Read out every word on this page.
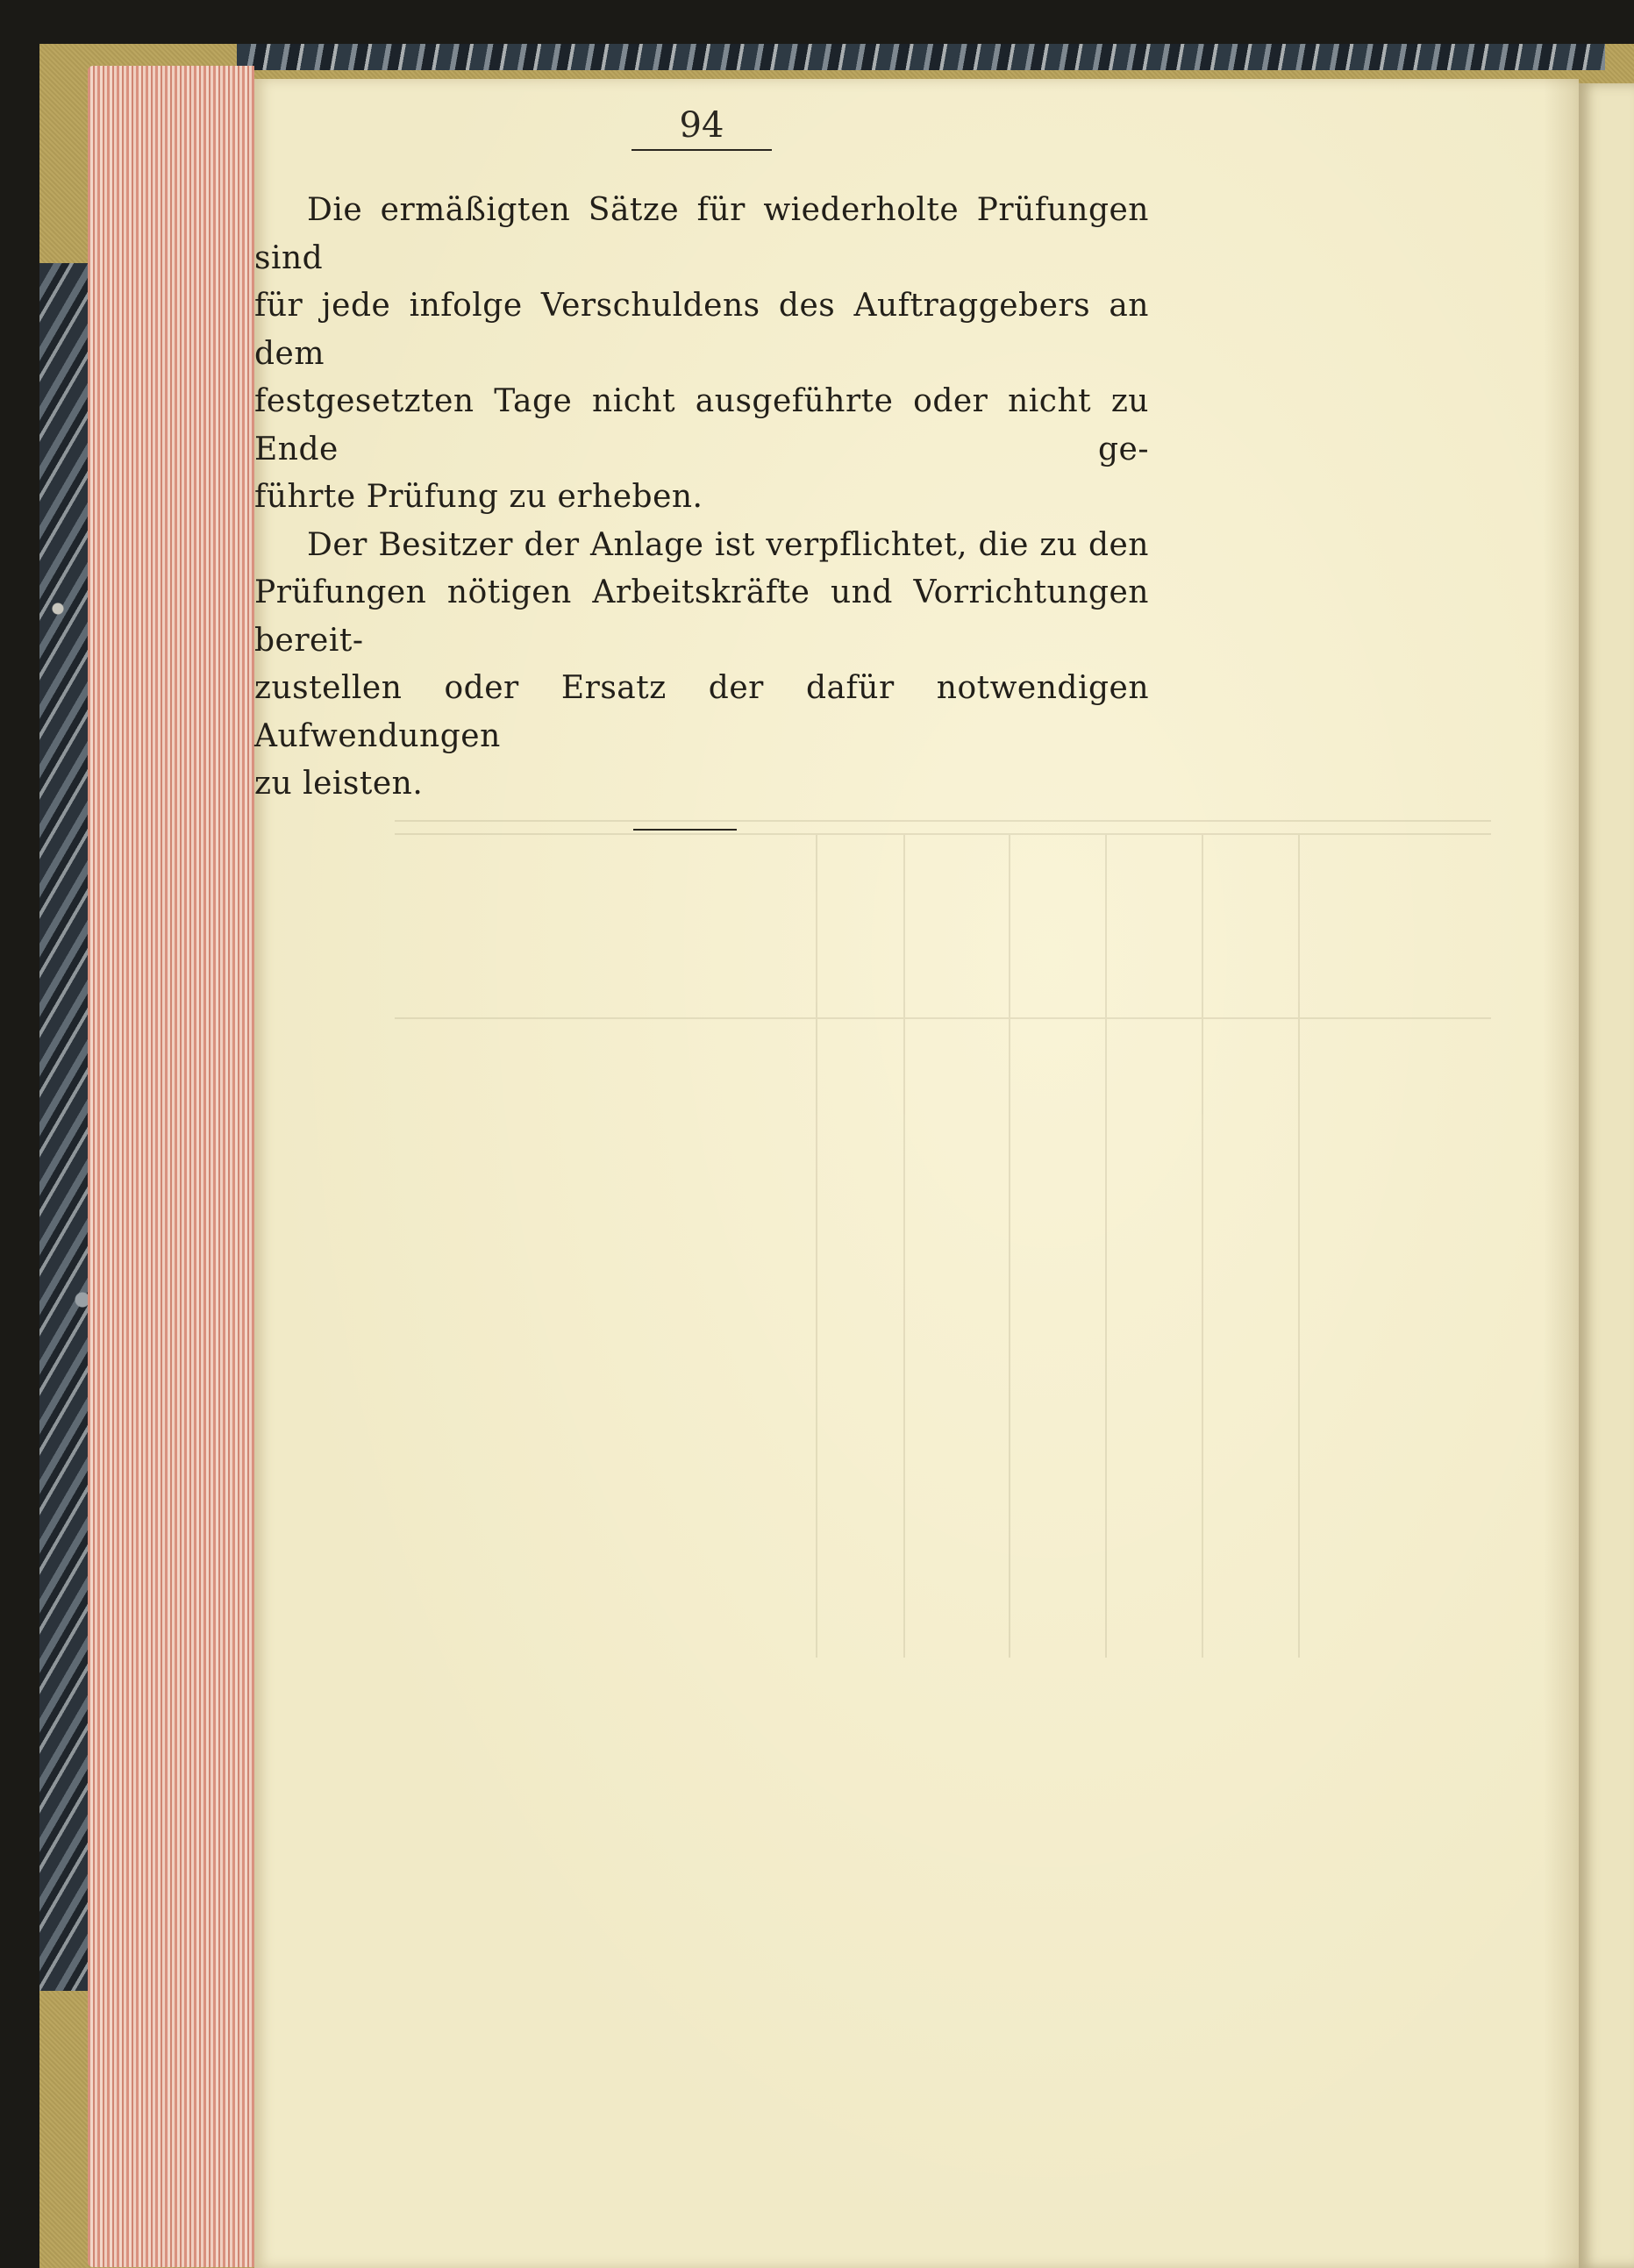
94

Die ermäßigten Sätze für wiederholte Prüfungen sind

für jede infolge Verschuldens des Auftraggebers an dem

festgesetzten Tage nicht ausgeführte oder nicht zu Ende ge-

führte Prüfung zu erheben.

Der Besitzer der Anlage ist verpflichtet, die zu den

Prüfungen nötigen Arbeitskräfte und Vorrichtungen bereit-

zustellen oder Ersatz der dafür notwendigen Aufwendungen

zu leisten.
